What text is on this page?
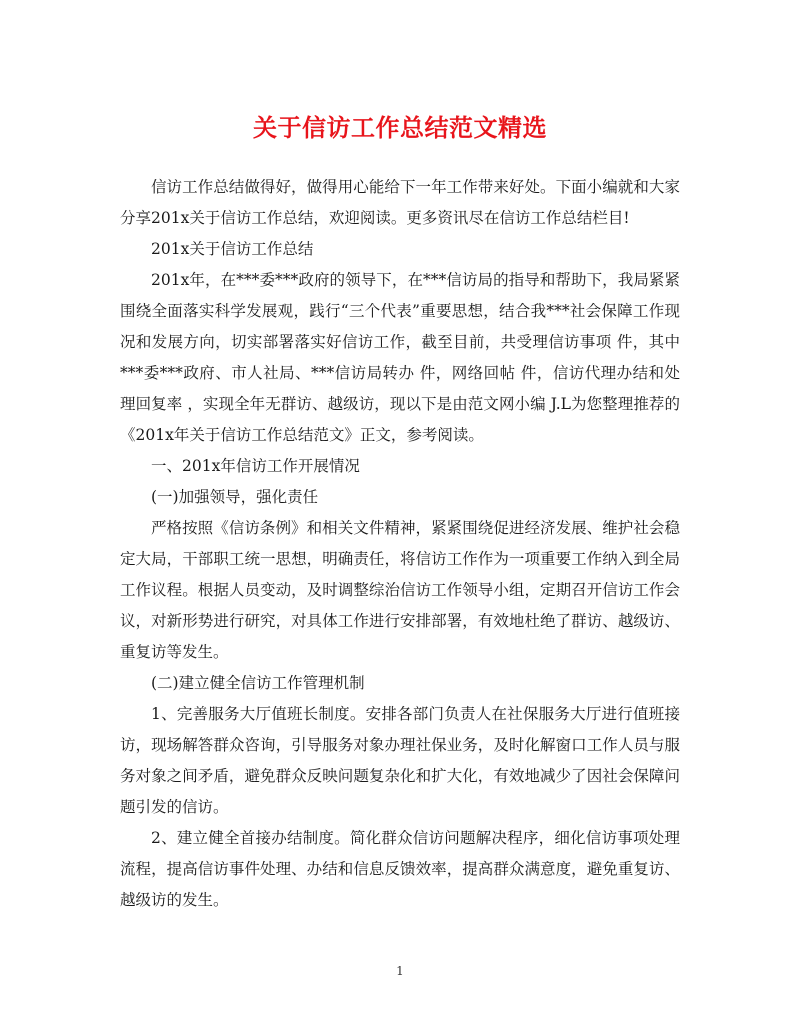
关于信访工作总结范文精选

信访工作总结做得好，做得用心能给下一年工作带来好处。下面小编就和大家分享201x关于信访工作总结，欢迎阅读。更多资讯尽在信访工作总结栏目!

201x关于信访工作总结

201x年，在***委***政府的领导下，在***信访局的指导和帮助下，我局紧紧围绕全面落实科学发展观，践行“三个代表”重要思想，结合我***社会保障工作现况和发展方向，切实部署落实好信访工作，截至目前，共受理信访事项 件，其中***委***政府、市人社局、***信访局转办 件，网络回帖 件，信访代理办结和处理回复率 ，实现全年无群访、越级访，现以下是由范文网小编 J.L为您整理推荐的《201x年关于信访工作总结范文》正文，参考阅读。

一、201x年信访工作开展情况

(一)加强领导，强化责任

严格按照《信访条例》和相关文件精神，紧紧围绕促进经济发展、维护社会稳定大局，干部职工统一思想，明确责任，将信访工作作为一项重要工作纳入到全局工作议程。根据人员变动，及时调整综治信访工作领导小组，定期召开信访工作会议，对新形势进行研究，对具体工作进行安排部署，有效地杜绝了群访、越级访、重复访等发生。

(二)建立健全信访工作管理机制

1、完善服务大厅值班长制度。安排各部门负责人在社保服务大厅进行值班接访，现场解答群众咨询，引导服务对象办理社保业务，及时化解窗口工作人员与服务对象之间矛盾，避免群众反映问题复杂化和扩大化，有效地减少了因社会保障问题引发的信访。

2、建立健全首接办结制度。简化群众信访问题解决程序，细化信访事项处理流程，提高信访事件处理、办结和信息反馈效率，提高群众满意度，避免重复访、越级访的发生。

1
